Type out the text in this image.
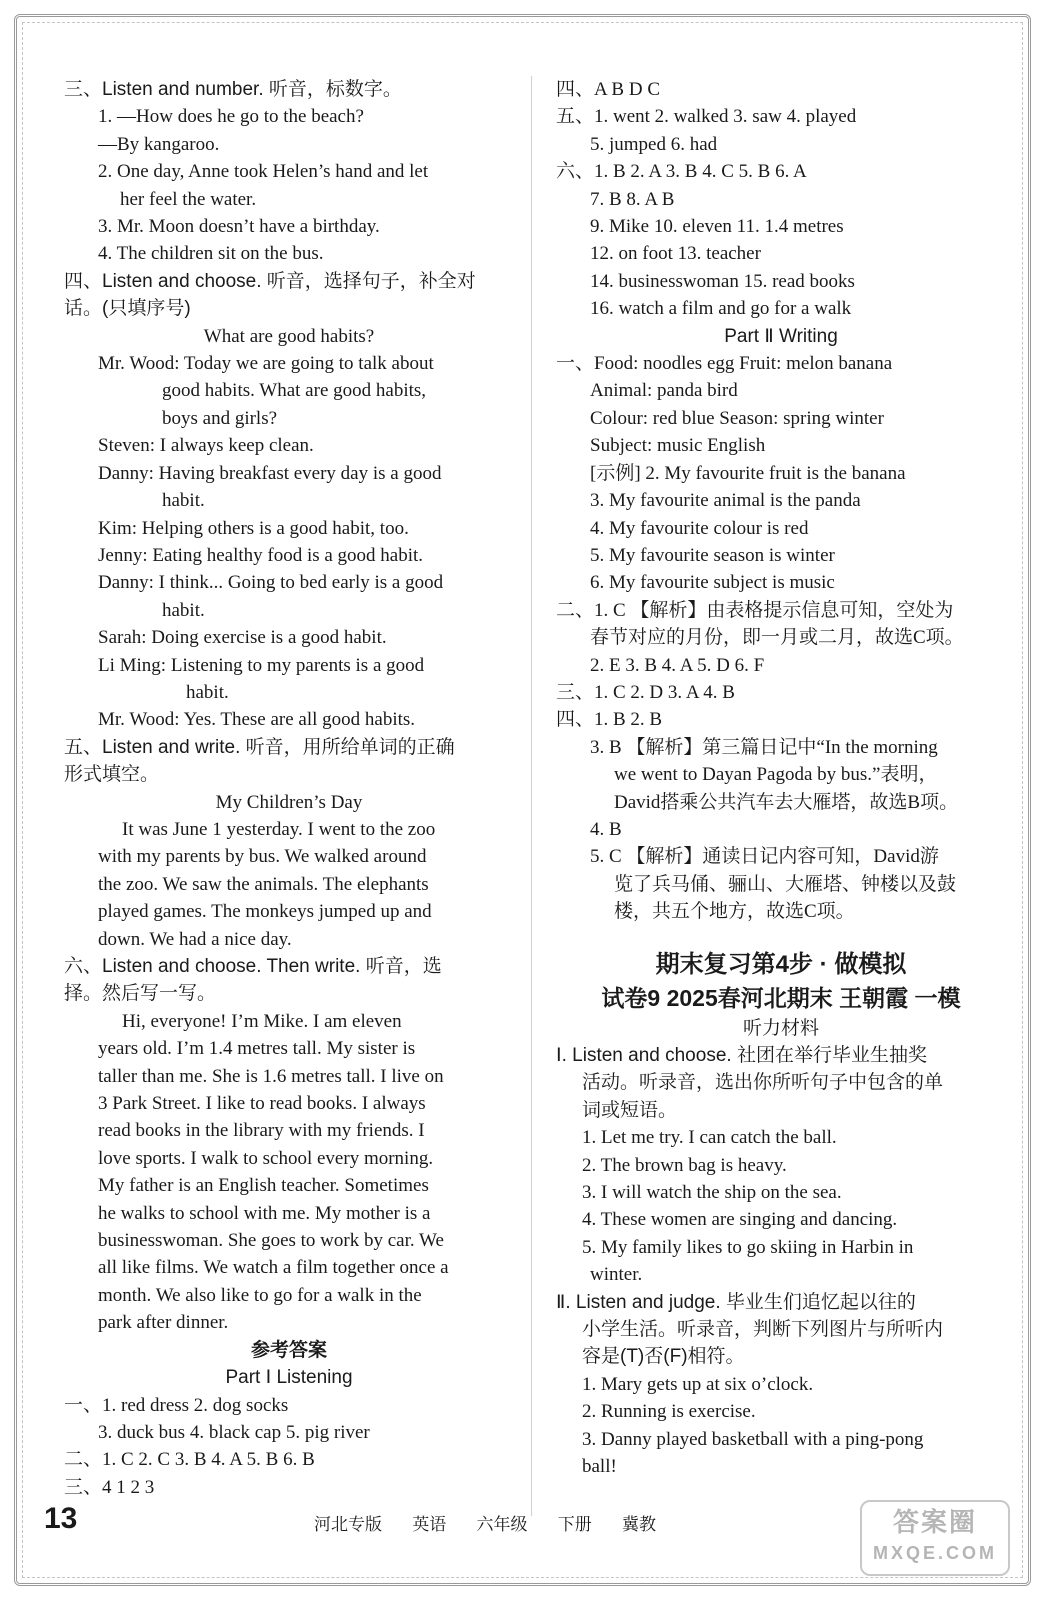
三、Listen and number. 听音，标数字。
1. —How does he go to the beach?
—By kangaroo.
2. One day, Anne took Helen’s hand and let
her feel the water.
3. Mr. Moon doesn’t have a birthday.
4. The children sit on the bus.
四、Listen and choose. 听音，选择句子，补全对
话。(只填序号)
What are good habits?
Mr. Wood: Today we are going to talk about
good habits. What are good habits,
boys and girls?
Steven: I always keep clean.
Danny: Having breakfast every day is a good
habit.
Kim: Helping others is a good habit, too.
Jenny: Eating healthy food is a good habit.
Danny: I think... Going to bed early is a good
habit.
Sarah: Doing exercise is a good habit.
Li Ming: Listening to my parents is a good
habit.
Mr. Wood: Yes. These are all good habits.
五、Listen and write. 听音，用所给单词的正确
形式填空。
My Children’s Day
It was June 1 yesterday. I went to the zoo
with my parents by bus. We walked around
the zoo. We saw the animals. The elephants
played games. The monkeys jumped up and
down. We had a nice day.
六、Listen and choose. Then write. 听音，选
择。然后写一写。
Hi, everyone! I’m Mike. I am eleven
years old. I’m 1.4 metres tall. My sister is
taller than me. She is 1.6 metres tall. I live on
3 Park Street. I like to read books. I always
read books in the library with my friends. I
love sports. I walk to school every morning.
My father is an English teacher. Sometimes
he walks to school with me. My mother is a
businesswoman. She goes to work by car. We
all like films. We watch a film together once a
month. We also like to go for a walk in the
park after dinner.
参考答案
Part Ⅰ Listening
一、1. red dress 2. dog socks
3. duck bus 4. black cap 5. pig river
二、1. C 2. C 3. B 4. A 5. B 6. B
三、4 1 2 3
四、A B D C
五、1. went 2. walked 3. saw 4. played
5. jumped 6. had
六、1. B 2. A 3. B 4. C 5. B 6. A
7. B 8. A B
9. Mike 10. eleven 11. 1.4 metres
12. on foot 13. teacher
14. businesswoman 15. read books
16. watch a film and go for a walk
Part Ⅱ Writing
一、Food: noodles egg Fruit: melon banana
Animal: panda bird
Colour: red blue Season: spring winter
Subject: music English
[示例] 2. My favourite fruit is the banana
3. My favourite animal is the panda
4. My favourite colour is red
5. My favourite season is winter
6. My favourite subject is music
二、1. C 【解析】由表格提示信息可知，空处为
春节对应的月份，即一月或二月，故选C项。
2. E 3. B 4. A 5. D 6. F
三、1. C 2. D 3. A 4. B
四、1. B 2. B
3. B 【解析】第三篇日记中“In the morning
we went to Dayan Pagoda by bus.”表明，
David搭乘公共汽车去大雁塔，故选B项。
4. B
5. C 【解析】通读日记内容可知，David游
览了兵马俑、骊山、大雁塔、钟楼以及鼓
楼，共五个地方，故选C项。
期末复习第4步 · 做模拟
试卷9 2025春河北期末 王朝霞 一模
听力材料
Ⅰ. Listen and choose. 社团在举行毕业生抽奖
活动。听录音，选出你所听句子中包含的单
词或短语。
1. Let me try. I can catch the ball.
2. The brown bag is heavy.
3. I will watch the ship on the sea.
4. These women are singing and dancing.
5. My family likes to go skiing in Harbin in
winter.
Ⅱ. Listen and judge. 毕业生们追忆起以往的
小学生活。听录音，判断下列图片与所听内
容是(T)否(F)相符。
1. Mary gets up at six o’clock.
2. Running is exercise.
3. Danny played basketball with a ping-pong
ball!
13	河北专版 英语 六年级 下册 冀教	答案圈
MXQE.COM
